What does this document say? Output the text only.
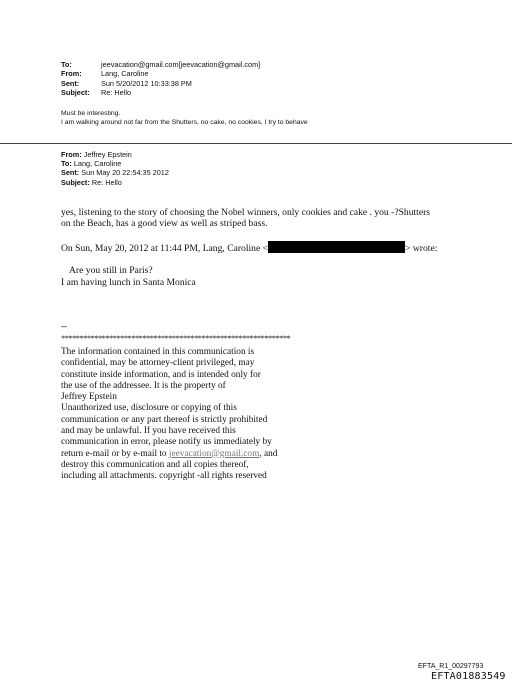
To:	jeevacation@gmail.com[jeevacation@gmail.com]
From:	Lang, Caroline
Sent:	Sun 5/20/2012 10:33:38 PM
Subject:	Re: Hello
Must be interesting.
I am walking around not far from the Shutters, no cake, no cookies, I try to behave
From: Jeffrey Epstein
To: Lang, Caroline
Sent: Sun May 20 22:54:35 2012
Subject: Re: Hello
yes, listening to the story of choosing the Nobel winners, only cookies and cake . you -?Shutters
on the Beach, has a good view as well as striped bass.
On Sun, May 20, 2012 at 11:44 PM, Lang, Caroline <	> wrote:
Are you still in Paris?
I am having lunch in Santa Monica
--
**************************************************************
The information contained in this communication is
confidential, may be attorney-client privileged, may
constitute inside information, and is intended only for
the use of the addressee. It is the property of
Jeffrey Epstein
Unauthorized use, disclosure or copying of this
communication or any part thereof is strictly prohibited
and may be unlawful. If you have received this
communication in error, please notify us immediately by
return e-mail or by e-mail to jeevacation@gmail.com, and
destroy this communication and all copies thereof,
including all attachments. copyright -all rights reserved
EFTA_R1_00297793
EFTA01883549
